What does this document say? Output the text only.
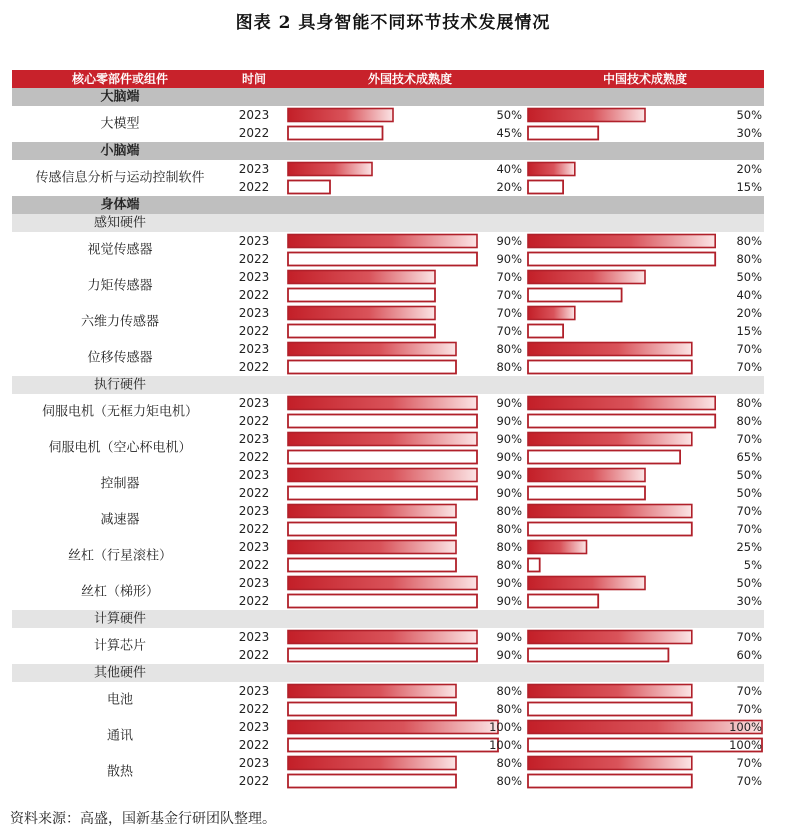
图表 2 具身智能不同环节技术发展情况
核心零部件或组件	时间	外国技术成熟度	中国技术成熟度
大脑端
大模型
2023	50%	50%
2022	45%	30%
小脑端
传感信息分析与运动控制软件
2023	40%	20%
2022	20%	15%
身体端
感知硬件
视觉传感器
2023	90%	80%
2022	90%	80%
力矩传感器
2023	70%	50%
2022	70%	40%
六维力传感器
2023	70%	20%
2022	70%	15%
位移传感器
2023	80%	70%
2022	80%	70%
执行硬件
伺服电机（无框力矩电机）
2023	90%	80%
2022	90%	80%
伺服电机（空心杯电机）
2023	90%	70%
2022	90%	65%
控制器
2023	90%	50%
2022	90%	50%
减速器
2023	80%	70%
2022	80%	70%
丝杠（行星滚柱）
2023	80%	25%
2022	80%	5%
丝杠（梯形）
2023	90%	50%
2022	90%	30%
计算硬件
计算芯片
2023	90%	70%
2022	90%	60%
其他硬件
电池
2023	80%	70%
2022	80%	70%
通讯
2023	100%	100%
2022	100%	100%
散热
2023	80%	70%
2022	80%	70%
资料来源：高盛，国新基金行研团队整理。
